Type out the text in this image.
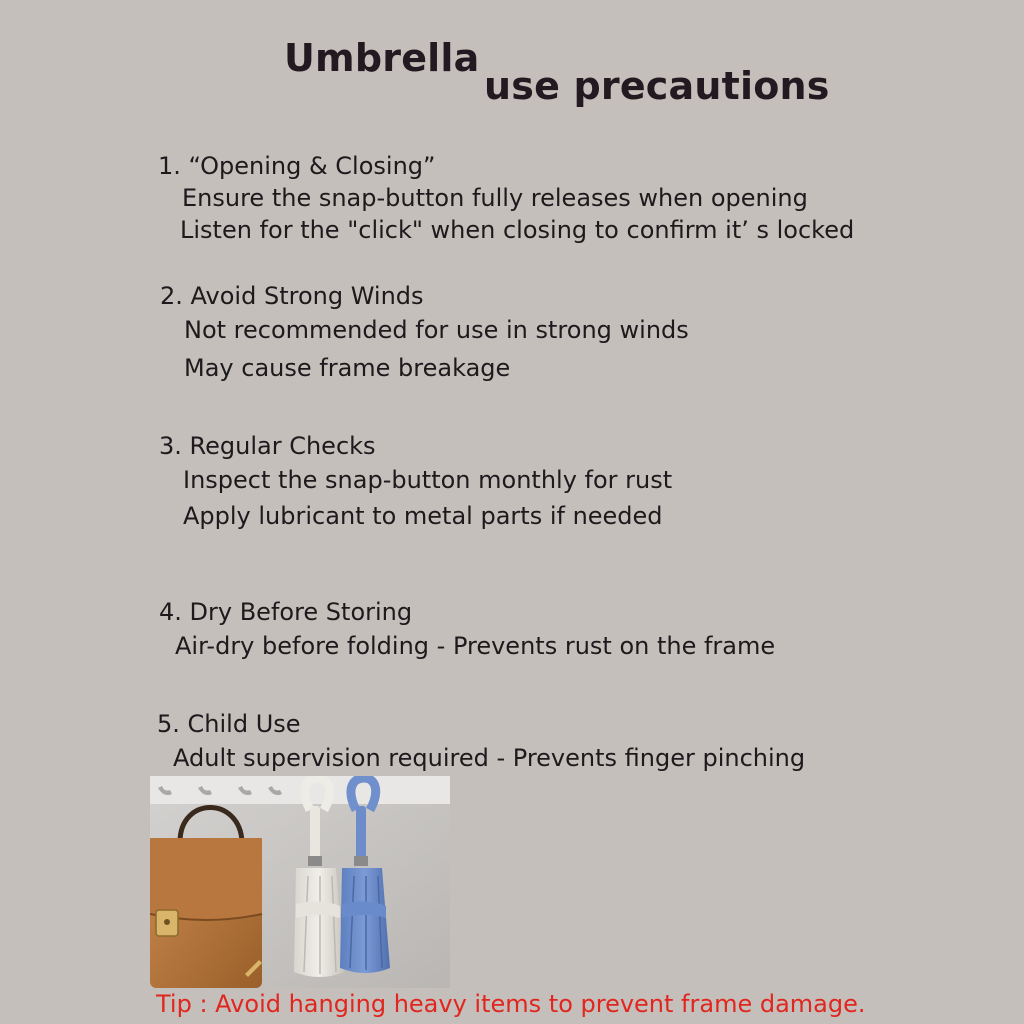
Umbrella
use precautions
1. “Opening & Closing”
Ensure the snap-button fully releases when opening
Listen for the "click" when closing to confirm it’ s locked
2. Avoid Strong Winds
Not recommended for use in strong winds
May cause frame breakage
3. Regular Checks
Inspect the snap-button monthly for rust
Apply lubricant to metal parts if needed
4. Dry Before Storing
Air-dry before folding - Prevents rust on the frame
5. Child Use
Adult supervision required - Prevents finger pinching
Tip : Avoid hanging heavy items to prevent frame damage.
